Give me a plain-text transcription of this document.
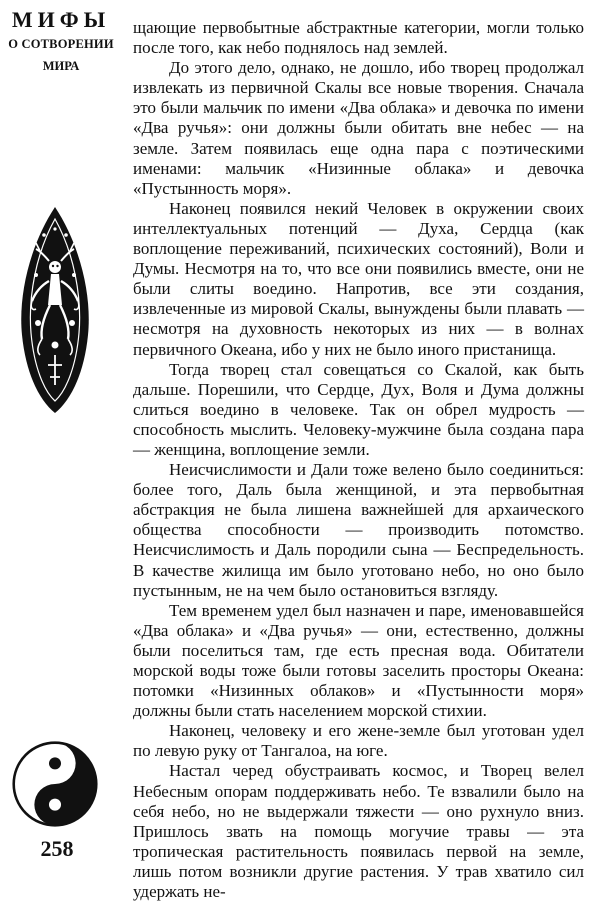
МИФЫ
О СОТВОРЕНИИ
МИРА

щающие первобытные абстрактные категории, могли только после того, как небо поднялось над землей.

До этого дело, однако, не дошло, ибо творец продолжал извлекать из первичной Скалы все новые творения. Сначала это были мальчик по имени «Два облака» и девочка по имени «Два ручья»: они должны были обитать вне небес — на земле. Затем появилась еще одна пара с поэтическими именами: мальчик «Низинные облака» и девочка «Пустынность моря».

Наконец появился некий Человек в окружении своих интеллектуальных потенций — Духа, Сердца (как воплощение переживаний, психических состояний), Воли и Думы. Несмотря на то, что все они появились вместе, они не были слиты воедино. Напротив, все эти создания, извлеченные из мировой Скалы, вынуждены были плавать — несмотря на духовность некоторых из них — в волнах первичного Океана, ибо у них не было иного пристанища.

Тогда творец стал совещаться со Скалой, как быть дальше. Порешили, что Сердце, Дух, Воля и Дума должны слиться воедино в человеке. Так он обрел мудрость — способность мыслить. Человеку-мужчине была создана пара — женщина, воплощение земли.

Неисчислимости и Дали тоже велено было соединиться: более того, Даль была женщиной, и эта первобытная абстракция не была лишена важнейшей для архаического общества способности — производить потомство. Неисчислимость и Даль породили сына — Беспредельность. В качестве жилища им было уготовано небо, но оно было пустынным, не на чем было остановиться взгляду.

Тем временем удел был назначен и паре, именовавшейся «Два облака» и «Два ручья» — они, естественно, должны были поселиться там, где есть пресная вода. Обитатели морской воды тоже были готовы заселить просторы Океана: потомки «Низинных облаков» и «Пустынности моря» должны были стать населением морской стихии.

Наконец, человеку и его жене-земле был уготован удел по левую руку от Тангалоа, на юге.

Настал черед обустраивать космос, и Творец велел Небесным опорам поддерживать небо. Те взвалили было на себя небо, но не выдержали тяжести — оно рухнуло вниз. Пришлось звать на помощь могучие травы — эта тропическая растительность появилась первой на земле, лишь потом возникли другие растения. У трав хватило сил удержать не-

258
